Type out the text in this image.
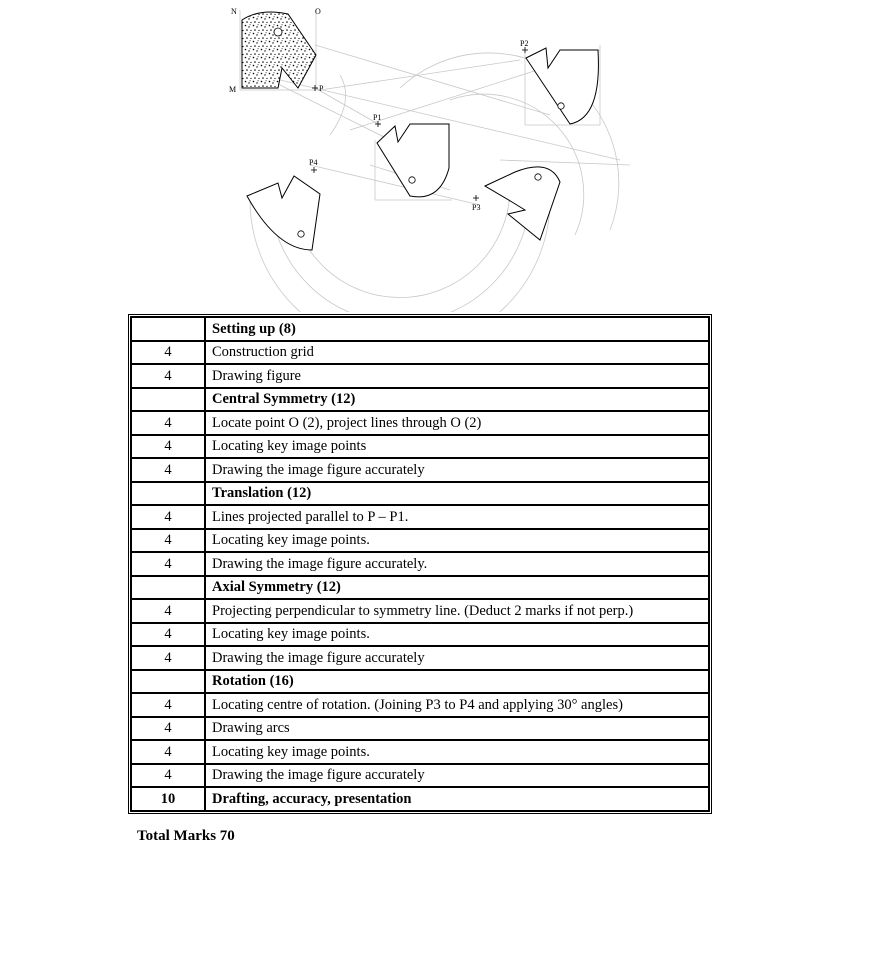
N	O
M	P
P1
P2
P3
P4
	Setting up (8)
4	Construction grid
4	Drawing figure
	Central Symmetry (12)
4	Locate point O (2), project lines through O (2)
4	Locating key image points
4	Drawing the image figure accurately
	Translation (12)
4	Lines projected parallel to P – P1.
4	Locating key image points.
4	Drawing the image figure accurately.
	Axial Symmetry (12)
4	Projecting perpendicular to symmetry line. (Deduct 2 marks if not perp.)
4	Locating key image points.
4	Drawing the image figure accurately
	Rotation (16)
4	Locating centre of rotation. (Joining P3 to P4 and applying 30° angles)
4	Drawing arcs
4	Locating key image points.
4	Drawing the image figure accurately
10	Drafting, accuracy, presentation
Total Marks 70
